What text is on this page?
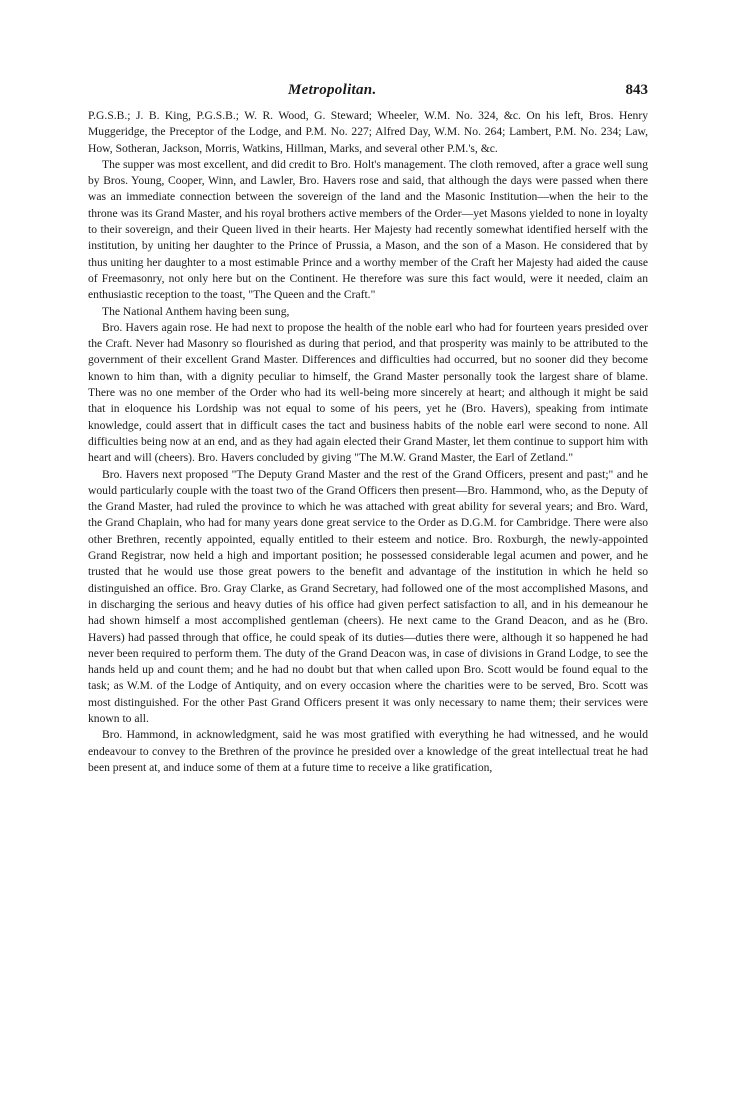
Metropolitan.	843

P.G.S.B.; J. B. King, P.G.S.B.; W. R. Wood, G. Steward; Wheeler, W.M. No. 324, &c. On his left, Bros. Henry Muggeridge, the Preceptor of the Lodge, and P.M. No. 227; Alfred Day, W.M. No. 264; Lambert, P.M. No. 234; Law, How, Sotheran, Jackson, Morris, Watkins, Hillman, Marks, and several other P.M.'s, &c.

The supper was most excellent, and did credit to Bro. Holt's management. The cloth removed, after a grace well sung by Bros. Young, Cooper, Winn, and Lawler, Bro. Havers rose and said, that although the days were passed when there was an immediate connection between the sovereign of the land and the Masonic Institution—when the heir to the throne was its Grand Master, and his royal brothers active members of the Order—yet Masons yielded to none in loyalty to their sovereign, and their Queen lived in their hearts. Her Majesty had recently somewhat identified herself with the institution, by uniting her daughter to the Prince of Prussia, a Mason, and the son of a Mason. He considered that by thus uniting her daughter to a most estimable Prince and a worthy member of the Craft her Majesty had aided the cause of Freemasonry, not only here but on the Continent. He therefore was sure this fact would, were it needed, claim an enthusiastic reception to the toast, "The Queen and the Craft."

The National Anthem having been sung,

Bro. Havers again rose. He had next to propose the health of the noble earl who had for fourteen years presided over the Craft. Never had Masonry so flourished as during that period, and that prosperity was mainly to be attributed to the government of their excellent Grand Master. Differences and difficulties had occurred, but no sooner did they become known to him than, with a dignity peculiar to himself, the Grand Master personally took the largest share of blame. There was no one member of the Order who had its well-being more sincerely at heart; and although it might be said that in eloquence his Lordship was not equal to some of his peers, yet he (Bro. Havers), speaking from intimate knowledge, could assert that in difficult cases the tact and business habits of the noble earl were second to none. All difficulties being now at an end, and as they had again elected their Grand Master, let them continue to support him with heart and will (cheers). Bro. Havers concluded by giving "The M.W. Grand Master, the Earl of Zetland."

Bro. Havers next proposed "The Deputy Grand Master and the rest of the Grand Officers, present and past;" and he would particularly couple with the toast two of the Grand Officers then present—Bro. Hammond, who, as the Deputy of the Grand Master, had ruled the province to which he was attached with great ability for several years; and Bro. Ward, the Grand Chaplain, who had for many years done great service to the Order as D.G.M. for Cambridge. There were also other Brethren, recently appointed, equally entitled to their esteem and notice. Bro. Roxburgh, the newly-appointed Grand Registrar, now held a high and important position; he possessed considerable legal acumen and power, and he trusted that he would use those great powers to the benefit and advantage of the institution in which he held so distinguished an office. Bro. Gray Clarke, as Grand Secretary, had followed one of the most accomplished Masons, and in discharging the serious and heavy duties of his office had given perfect satisfaction to all, and in his demeanour he had shown himself a most accomplished gentleman (cheers). He next came to the Grand Deacon, and as he (Bro. Havers) had passed through that office, he could speak of its duties—duties there were, although it so happened he had never been required to perform them. The duty of the Grand Deacon was, in case of divisions in Grand Lodge, to see the hands held up and count them; and he had no doubt but that when called upon Bro. Scott would be found equal to the task; as W.M. of the Lodge of Antiquity, and on every occasion where the charities were to be served, Bro. Scott was most distinguished. For the other Past Grand Officers present it was only necessary to name them; their services were known to all.

Bro. Hammond, in acknowledgment, said he was most gratified with everything he had witnessed, and he would endeavour to convey to the Brethren of the province he presided over a knowledge of the great intellectual treat he had been present at, and induce some of them at a future time to receive a like gratification,
